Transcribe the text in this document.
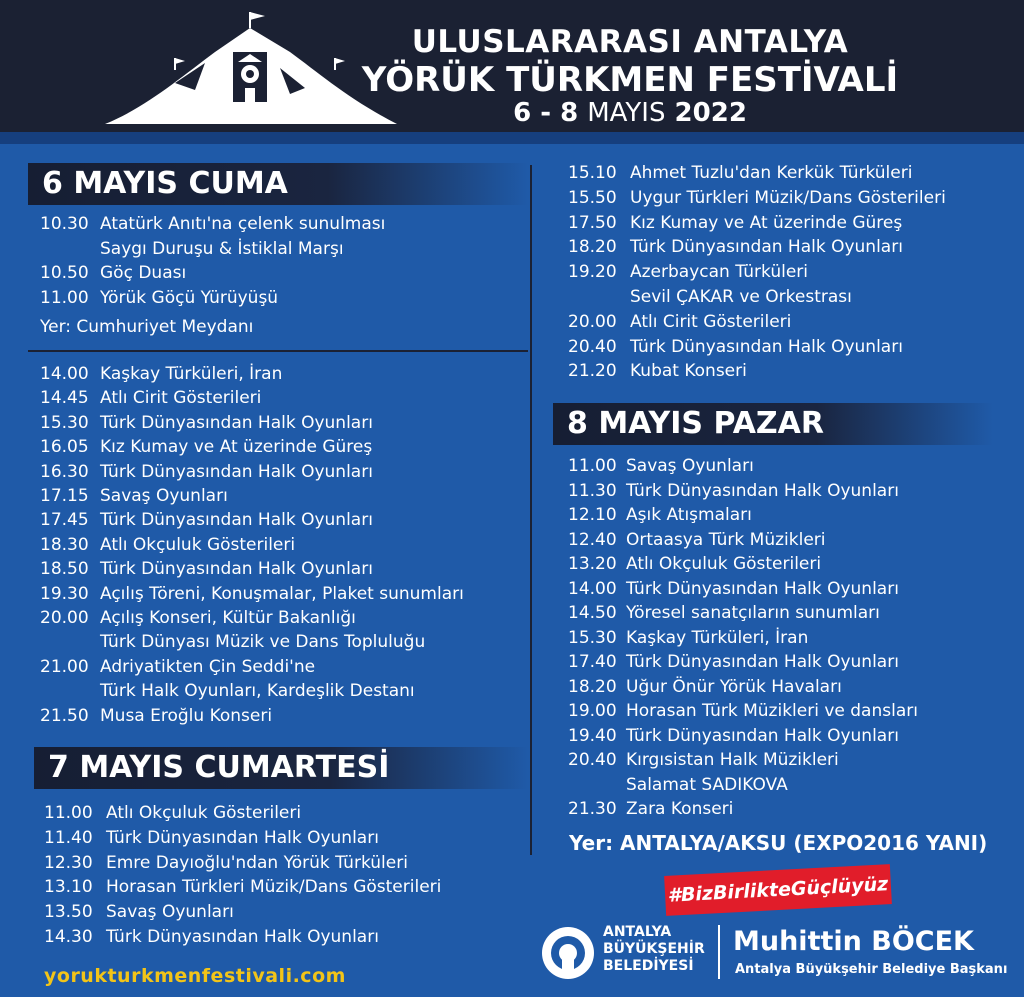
ULUSLARARASI ANTALYA
YÖRÜK TÜRKMEN FESTİVALİ
6 - 8 MAYIS 2022
6 MAYIS CUMA
10.30 Atatürk Anıtı'na çelenk sunulması
Saygı Duruşu & İstiklal Marşı
10.50 Göç Duası
11.00 Yörük Göçü Yürüyüşü
Yer: Cumhuriyet Meydanı
14.00 Kaşkay Türküleri, İran
14.45 Atlı Cirit Gösterileri
15.30 Türk Dünyasından Halk Oyunları
16.05 Kız Kumay ve At üzerinde Güreş
16.30 Türk Dünyasından Halk Oyunları
17.15 Savaş Oyunları
17.45 Türk Dünyasından Halk Oyunları
18.30 Atlı Okçuluk Gösterileri
18.50 Türk Dünyasından Halk Oyunları
19.30 Açılış Töreni, Konuşmalar, Plaket sunumları
20.00 Açılış Konseri, Kültür Bakanlığı
Türk Dünyası Müzik ve Dans Topluluğu
21.00 Adriyatikten Çin Seddi'ne
Türk Halk Oyunları, Kardeşlik Destanı
21.50 Musa Eroğlu Konseri
7 MAYIS CUMARTESİ
11.00 Atlı Okçuluk Gösterileri
11.40 Türk Dünyasından Halk Oyunları
12.30 Emre Dayıoğlu'ndan Yörük Türküleri
13.10 Horasan Türkleri Müzik/Dans Gösterileri
13.50 Savaş Oyunları
14.30 Türk Dünyasından Halk Oyunları
15.10 Ahmet Tuzlu'dan Kerkük Türküleri
15.50 Uygur Türkleri Müzik/Dans Gösterileri
17.50 Kız Kumay ve At üzerinde Güreş
18.20 Türk Dünyasından Halk Oyunları
19.20 Azerbaycan Türküleri
Sevil ÇAKAR ve Orkestrası
20.00 Atlı Cirit Gösterileri
20.40 Türk Dünyasından Halk Oyunları
21.20 Kubat Konseri
8 MAYIS PAZAR
11.00 Savaş Oyunları
11.30 Türk Dünyasından Halk Oyunları
12.10 Aşık Atışmaları
12.40 Ortaasya Türk Müzikleri
13.20 Atlı Okçuluk Gösterileri
14.00 Türk Dünyasından Halk Oyunları
14.50 Yöresel sanatçıların sunumları
15.30 Kaşkay Türküleri, İran
17.40 Türk Dünyasından Halk Oyunları
18.20 Uğur Önür Yörük Havaları
19.00 Horasan Türk Müzikleri ve dansları
19.40 Türk Dünyasından Halk Oyunları
20.40 Kırgısistan Halk Müzikleri
Salamat SADIKOVA
21.30 Zara Konseri
Yer: ANTALYA/AKSU (EXPO2016 YANI)
#BizBirlikteGüçlüyüz
yorukturkmenfestivali.com
ANTALYA
BÜYÜKŞEHİR
BELEDİYESİ
Muhittin BÖCEK
Antalya Büyükşehir Belediye Başkanı
